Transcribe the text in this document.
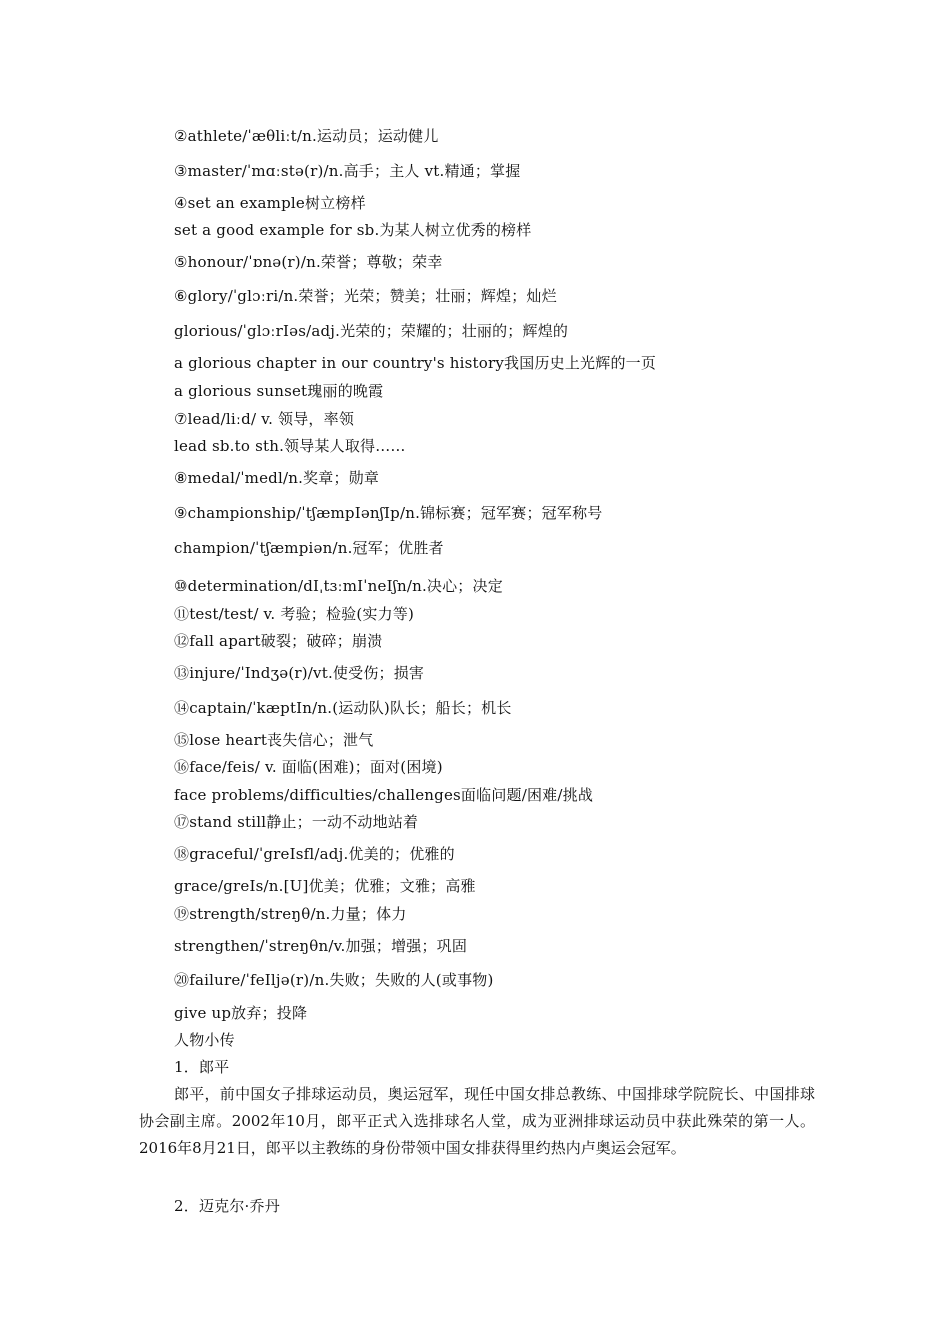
②athlete/ˈæθliːt/n.运动员；运动健儿
③master/ˈmɑːstə(r)/n.高手；主人 vt.精通；掌握
④set an example树立榜样
set a good example for sb.为某人树立优秀的榜样
⑤honour/ˈɒnə(r)/n.荣誉；尊敬；荣幸
⑥glory/ˈglɔːri/n.荣誉；光荣；赞美；壮丽；辉煌；灿烂
glorious/ˈglɔːrIəs/adj.光荣的；荣耀的；壮丽的；辉煌的
a glorious chapter in our country's history我国历史上光辉的一页
a glorious sunset瑰丽的晚霞
⑦lead/liːd/ v. 领导，率领
lead sb.to sth.领导某人取得……
⑧medal/ˈmedl/n.奖章；勋章
⑨championship/ˈtʃæmpIənʃIp/n.锦标赛；冠军赛；冠军称号
champion/ˈtʃæmpiən/n.冠军；优胜者
⑩determination/dIˌtɜːmIˈneIʃn/n.决心；决定
⑪test/test/ v. 考验；检验(实力等)
⑫fall apart破裂；破碎；崩溃
⑬injure/ˈIndʒə(r)/vt.使受伤；损害
⑭captain/ˈkæptIn/n.(运动队)队长；船长；机长
⑮lose heart丧失信心；泄气
⑯face/feis/ v. 面临(困难)；面对(困境)
face problems/difficulties/challenges面临问题/困难/挑战
⑰stand still静止；一动不动地站着
⑱graceful/ˈgreIsfl/adj.优美的；优雅的
grace/greIs/n.[U]优美；优雅；文雅；高雅
⑲strength/streŋθ/n.力量；体力
strengthen/ˈstreŋθn/v.加强；增强；巩固
⑳failure/ˈfeIljə(r)/n.失败；失败的人(或事物)
give up放弃；投降
人物小传
1．郎平
郎平，前中国女子排球运动员，奥运冠军，现任中国女排总教练、中国排球学院院长、中国排球协会副主席。2002年10月，郎平正式入选排球名人堂，成为亚洲排球运动员中获此殊荣的第一人。2016年8月21日，郎平以主教练的身份带领中国女排获得里约热内卢奥运会冠军。
2．迈克尔·乔丹
